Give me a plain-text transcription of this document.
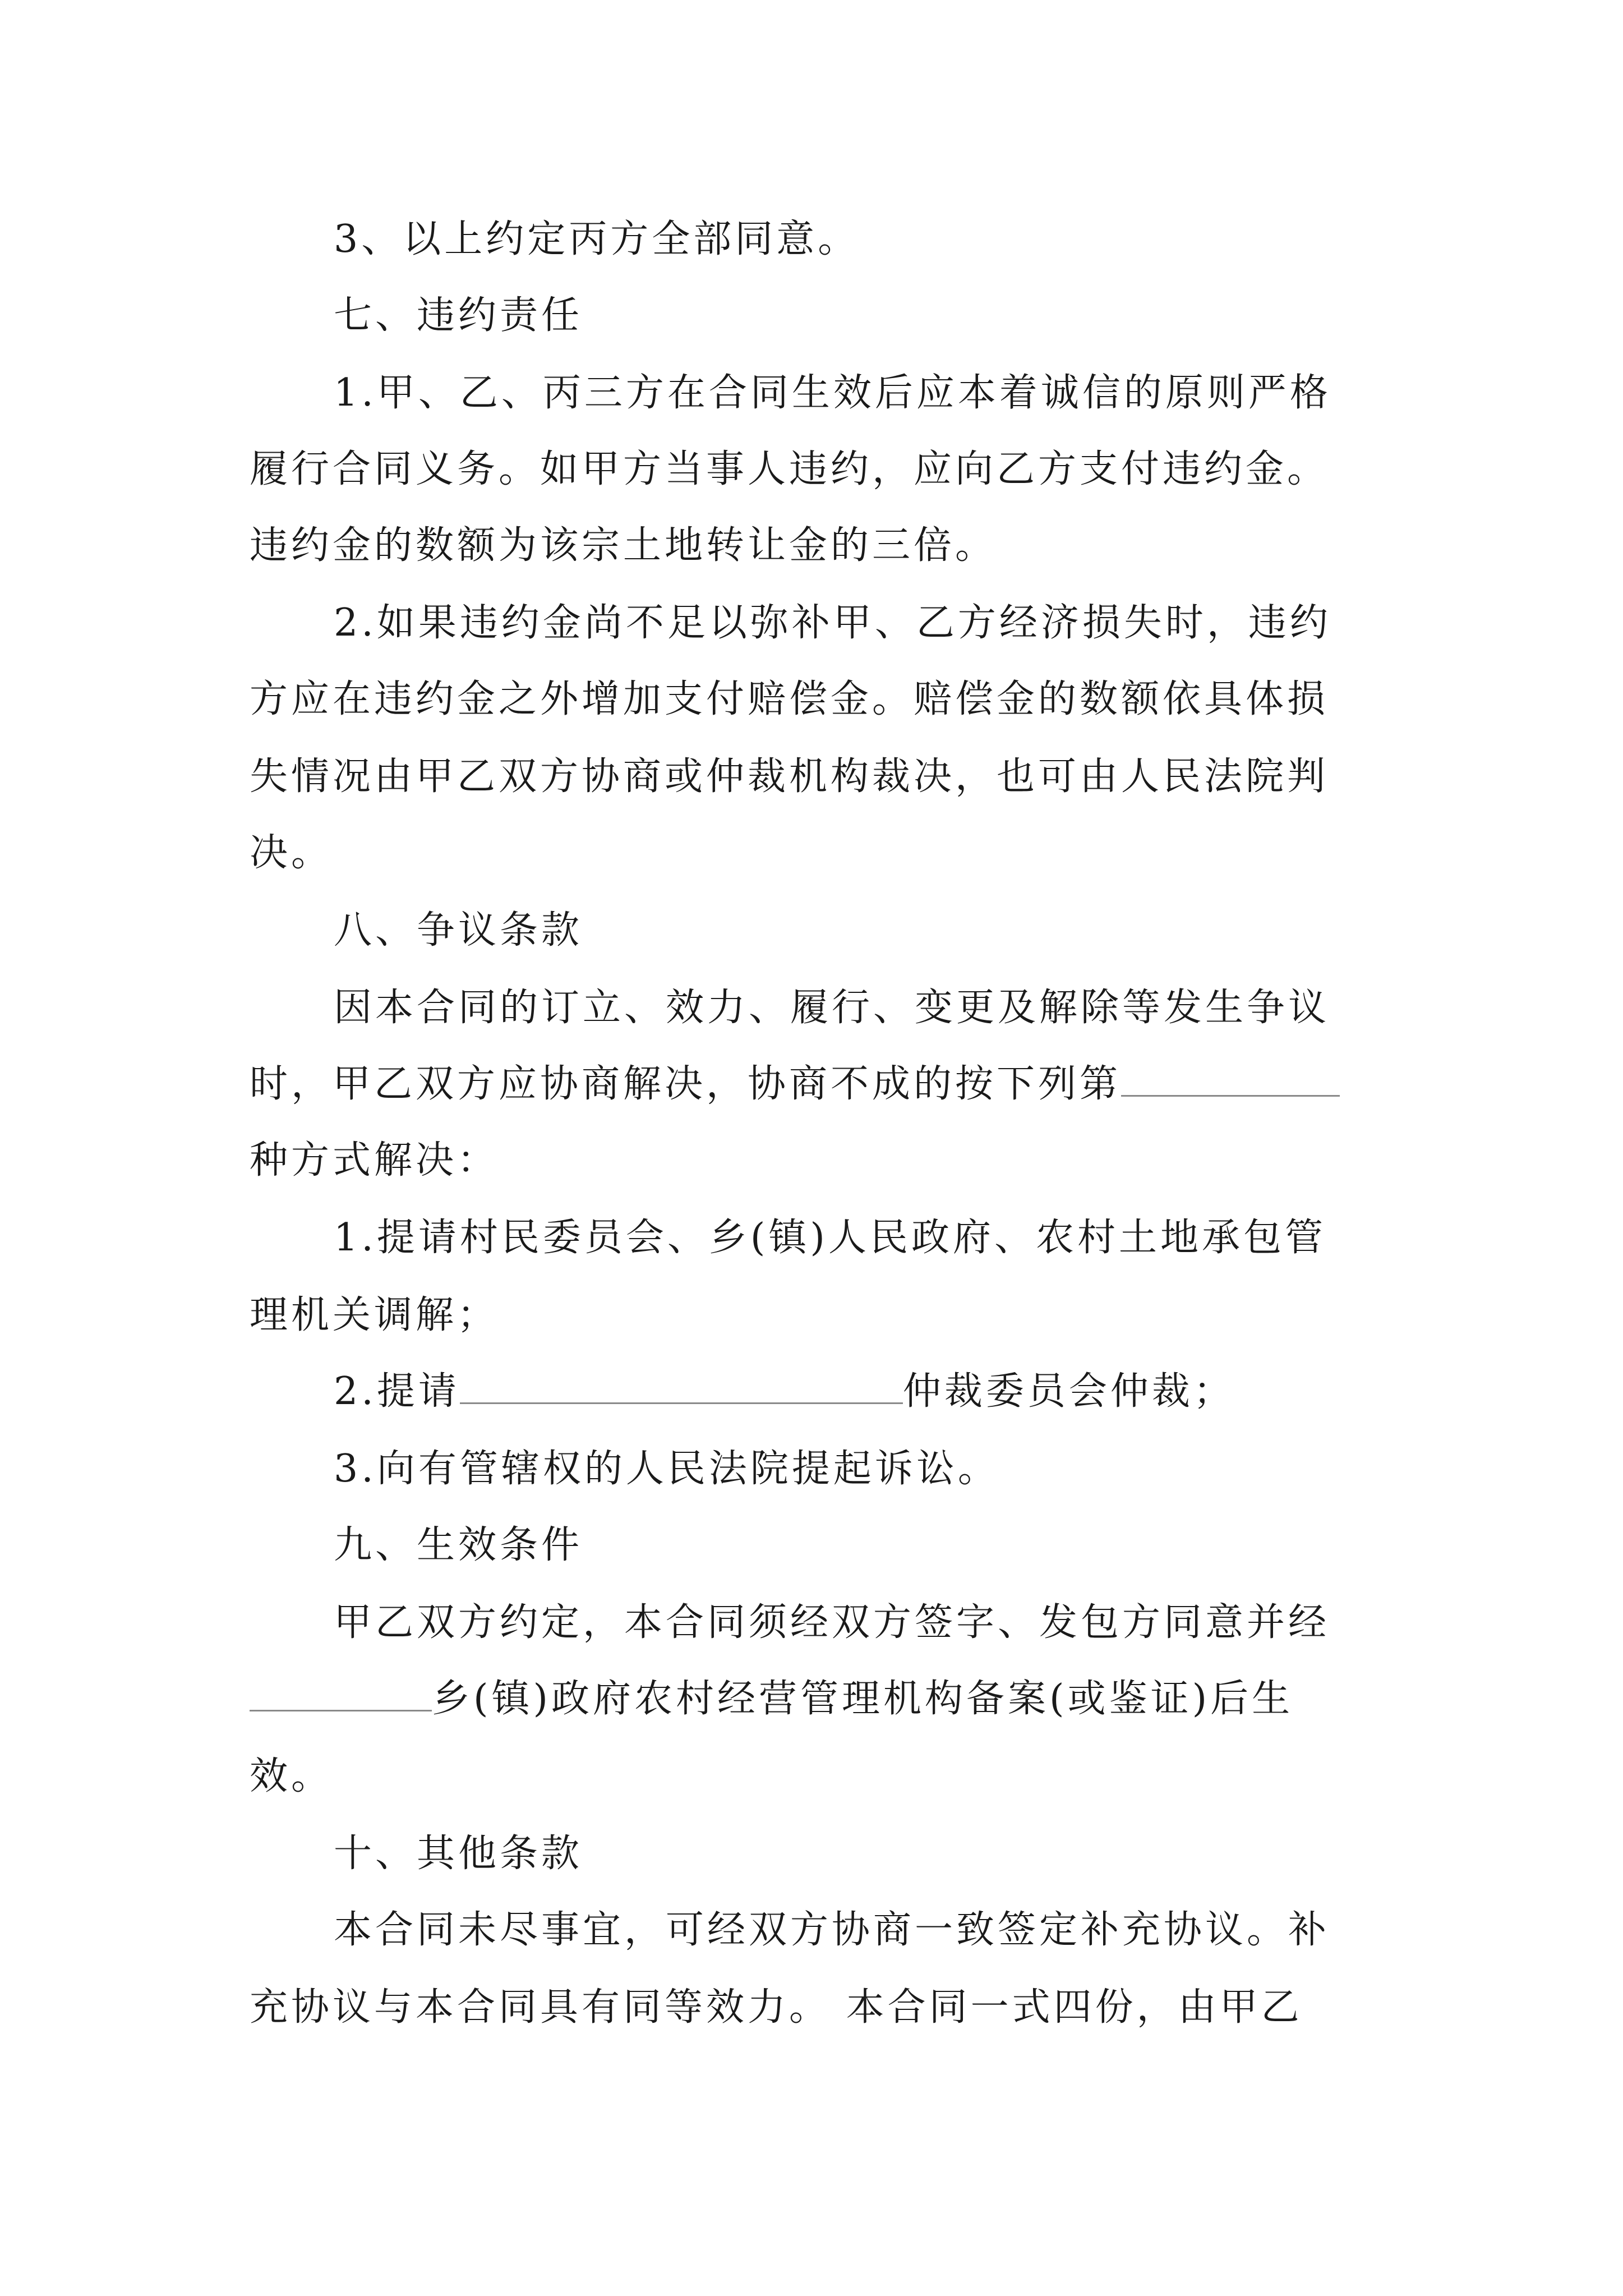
3、以上约定丙方全部同意。
七、违约责任
1.甲、乙、丙三方在合同生效后应本着诚信的原则严格
履行合同义务。如甲方当事人违约，应向乙方支付违约金。
违约金的数额为该宗土地转让金的三倍。
2.如果违约金尚不足以弥补甲、乙方经济损失时，违约
方应在违约金之外增加支付赔偿金。赔偿金的数额依具体损
失情况由甲乙双方协商或仲裁机构裁决，也可由人民法院判
决。
八、争议条款
因本合同的订立、效力、履行、变更及解除等发生争议
时，甲乙双方应协商解决，协商不成的按下列第
种方式解决：
1.提请村民委员会、乡(镇)人民政府、农村土地承包管
理机关调解；
2.提请	仲裁委员会仲裁；
3.向有管辖权的人民法院提起诉讼。
九、生效条件
甲乙双方约定，本合同须经双方签字、发包方同意并经
乡(镇)政府农村经营管理机构备案(或鉴证)后生
效。
十、其他条款
本合同未尽事宜，可经双方协商一致签定补充协议。补
充协议与本合同具有同等效力。 本合同一式四份，由甲乙
